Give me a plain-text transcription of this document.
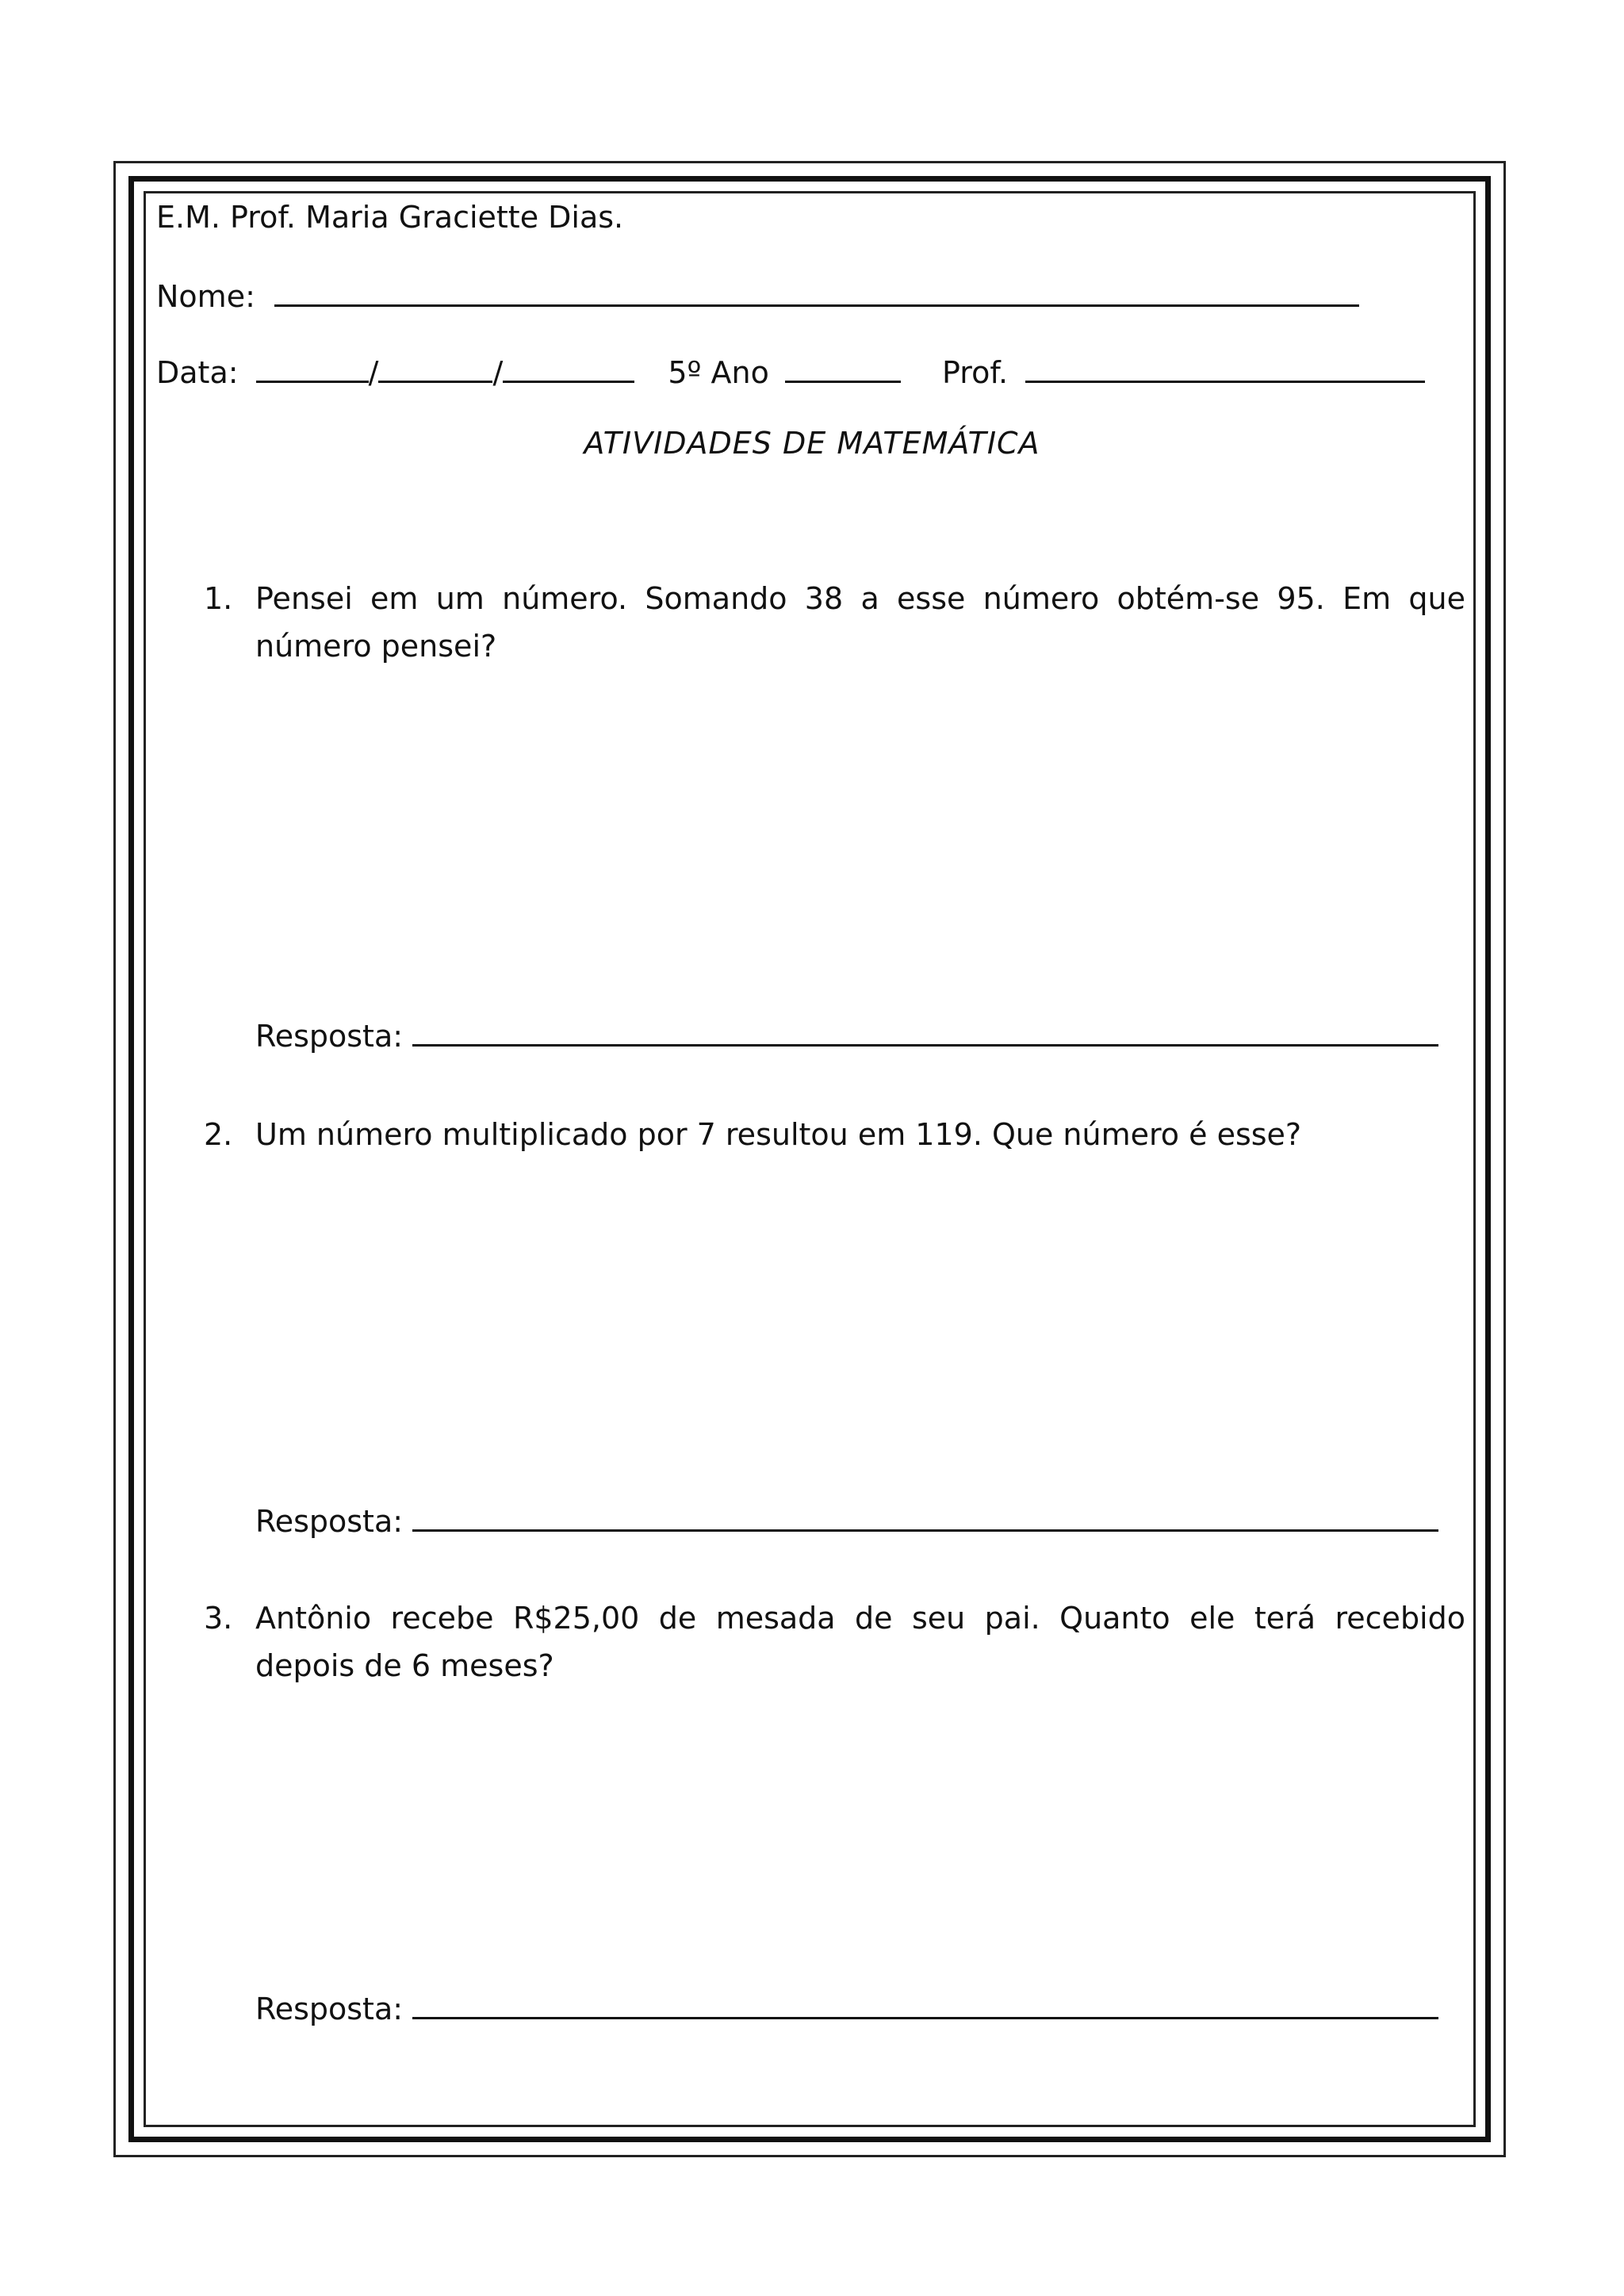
E.M. Prof. Maria Graciette Dias.
Nome:
Data:	/	/	5º Ano	Prof.
ATIVIDADES DE MATEMÁTICA
1. Pensei em um número. Somando 38 a esse número obtém-se 95. Em que número pensei?
Resposta:
2. Um número multiplicado por 7 resultou em 119. Que número é esse?
Resposta:
3. Antônio recebe R$25,00 de mesada de seu pai. Quanto ele terá recebido depois de 6 meses?
Resposta:
